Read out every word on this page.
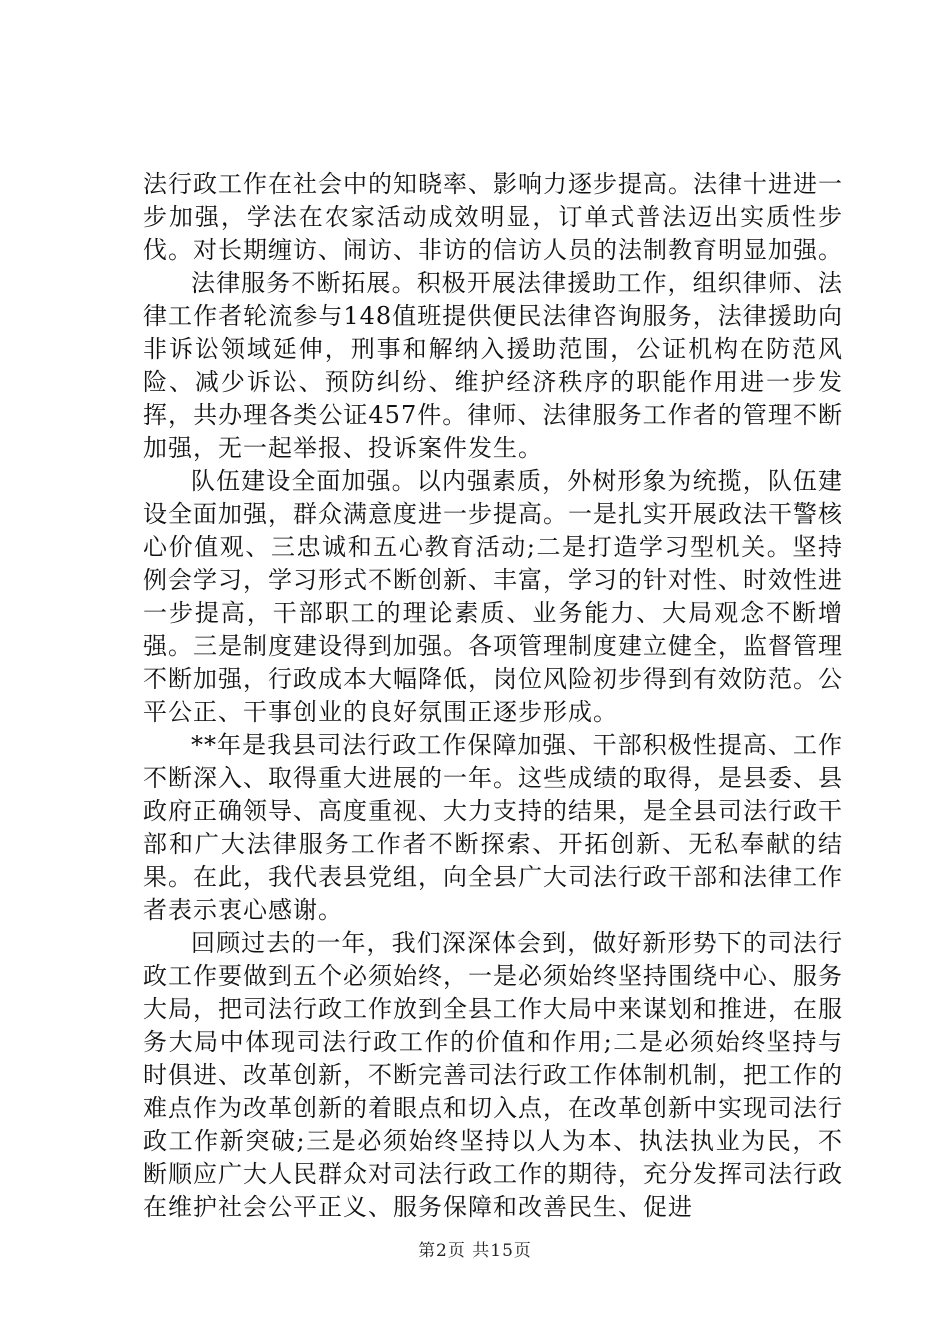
法行政工作在社会中的知晓率、影响力逐步提高。法律十进进一步加强，学法在农家活动成效明显，订单式普法迈出实质性步伐。对长期缠访、闹访、非访的信访人员的法制教育明显加强。

法律服务不断拓展。积极开展法律援助工作，组织律师、法律工作者轮流参与148值班提供便民法律咨询服务，法律援助向非诉讼领域延伸，刑事和解纳入援助范围，公证机构在防范风险、减少诉讼、预防纠纷、维护经济秩序的职能作用进一步发挥，共办理各类公证457件。律师、法律服务工作者的管理不断加强，无一起举报、投诉案件发生。

队伍建设全面加强。以内强素质，外树形象为统揽，队伍建设全面加强，群众满意度进一步提高。一是扎实开展政法干警核心价值观、三忠诚和五心教育活动;二是打造学习型机关。坚持例会学习，学习形式不断创新、丰富，学习的针对性、时效性进一步提高，干部职工的理论素质、业务能力、大局观念不断增强。三是制度建设得到加强。各项管理制度建立健全，监督管理不断加强，行政成本大幅降低，岗位风险初步得到有效防范。公平公正、干事创业的良好氛围正逐步形成。

**年是我县司法行政工作保障加强、干部积极性提高、工作不断深入、取得重大进展的一年。这些成绩的取得，是县委、县政府正确领导、高度重视、大力支持的结果，是全县司法行政干部和广大法律服务工作者不断探索、开拓创新、无私奉献的结果。在此，我代表县党组，向全县广大司法行政干部和法律工作者表示衷心感谢。

回顾过去的一年，我们深深体会到，做好新形势下的司法行政工作要做到五个必须始终，一是必须始终坚持围绕中心、服务大局，把司法行政工作放到全县工作大局中来谋划和推进，在服务大局中体现司法行政工作的价值和作用;二是必须始终坚持与时俱进、改革创新，不断完善司法行政工作体制机制，把工作的难点作为改革创新的着眼点和切入点，在改革创新中实现司法行政工作新突破;三是必须始终坚持以人为本、执法执业为民，不断顺应广大人民群众对司法行政工作的期待，充分发挥司法行政在维护社会公平正义、服务保障和改善民生、促进

第2页 共15页
